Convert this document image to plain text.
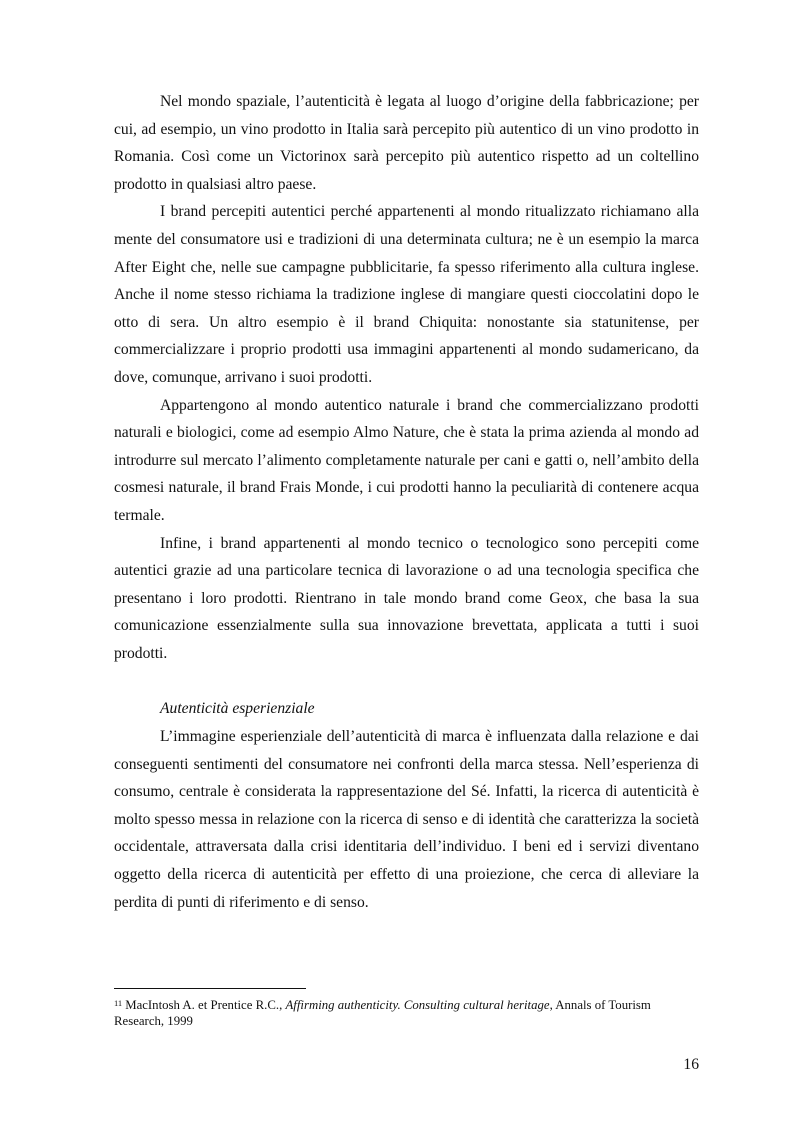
Nel mondo spaziale, l’autenticità è legata al luogo d’origine della fabbricazione; per cui, ad esempio, un vino prodotto in Italia sarà percepito più autentico di un vino prodotto in Romania. Così come un Victorinox sarà percepito più autentico rispetto ad un coltellino prodotto in qualsiasi altro paese.

I brand percepiti autentici perché appartenenti al mondo ritualizzato richiamano alla mente del consumatore usi e tradizioni di una determinata cultura; ne è un esempio la marca After Eight che, nelle sue campagne pubblicitarie, fa spesso riferimento alla cultura inglese. Anche il nome stesso richiama la tradizione inglese di mangiare questi cioccolatini dopo le otto di sera. Un altro esempio è il brand Chiquita: nonostante sia statunitense, per commercializzare i proprio prodotti usa immagini appartenenti al mondo sudamericano, da dove, comunque, arrivano i suoi prodotti.

Appartengono al mondo autentico naturale i brand che commercializzano prodotti naturali e biologici, come ad esempio Almo Nature, che è stata la prima azienda al mondo ad introdurre sul mercato l’alimento completamente naturale per cani e gatti o, nell’ambito della cosmesi naturale, il brand Frais Monde, i cui prodotti hanno la peculiarità di contenere acqua termale.

Infine, i brand appartenenti al mondo tecnico o tecnologico sono percepiti come autentici grazie ad una particolare tecnica di lavorazione o ad una tecnologia specifica che presentano i loro prodotti. Rientrano in tale mondo brand come Geox, che basa la sua comunicazione essenzialmente sulla sua innovazione brevettata, applicata a tutti i suoi prodotti.

Autenticità esperienziale

L’immagine esperienziale dell’autenticità di marca è influenzata dalla relazione e dai conseguenti sentimenti del consumatore nei confronti della marca stessa. Nell’esperienza di consumo, centrale è considerata la rappresentazione del Sé. Infatti, la ricerca di autenticità è molto spesso messa in relazione con la ricerca di senso e di identità che caratterizza la società occidentale, attraversata dalla crisi identitaria dell’individuo. I beni ed i servizi diventano oggetto della ricerca di autenticità per effetto di una proiezione, che cerca di alleviare la perdita di punti di riferimento e di senso.

$^{11}$ MacIntosh A. et Prentice R.C., Affirming authenticity. Consulting cultural heritage, Annals of Tourism Research, 1999
16
